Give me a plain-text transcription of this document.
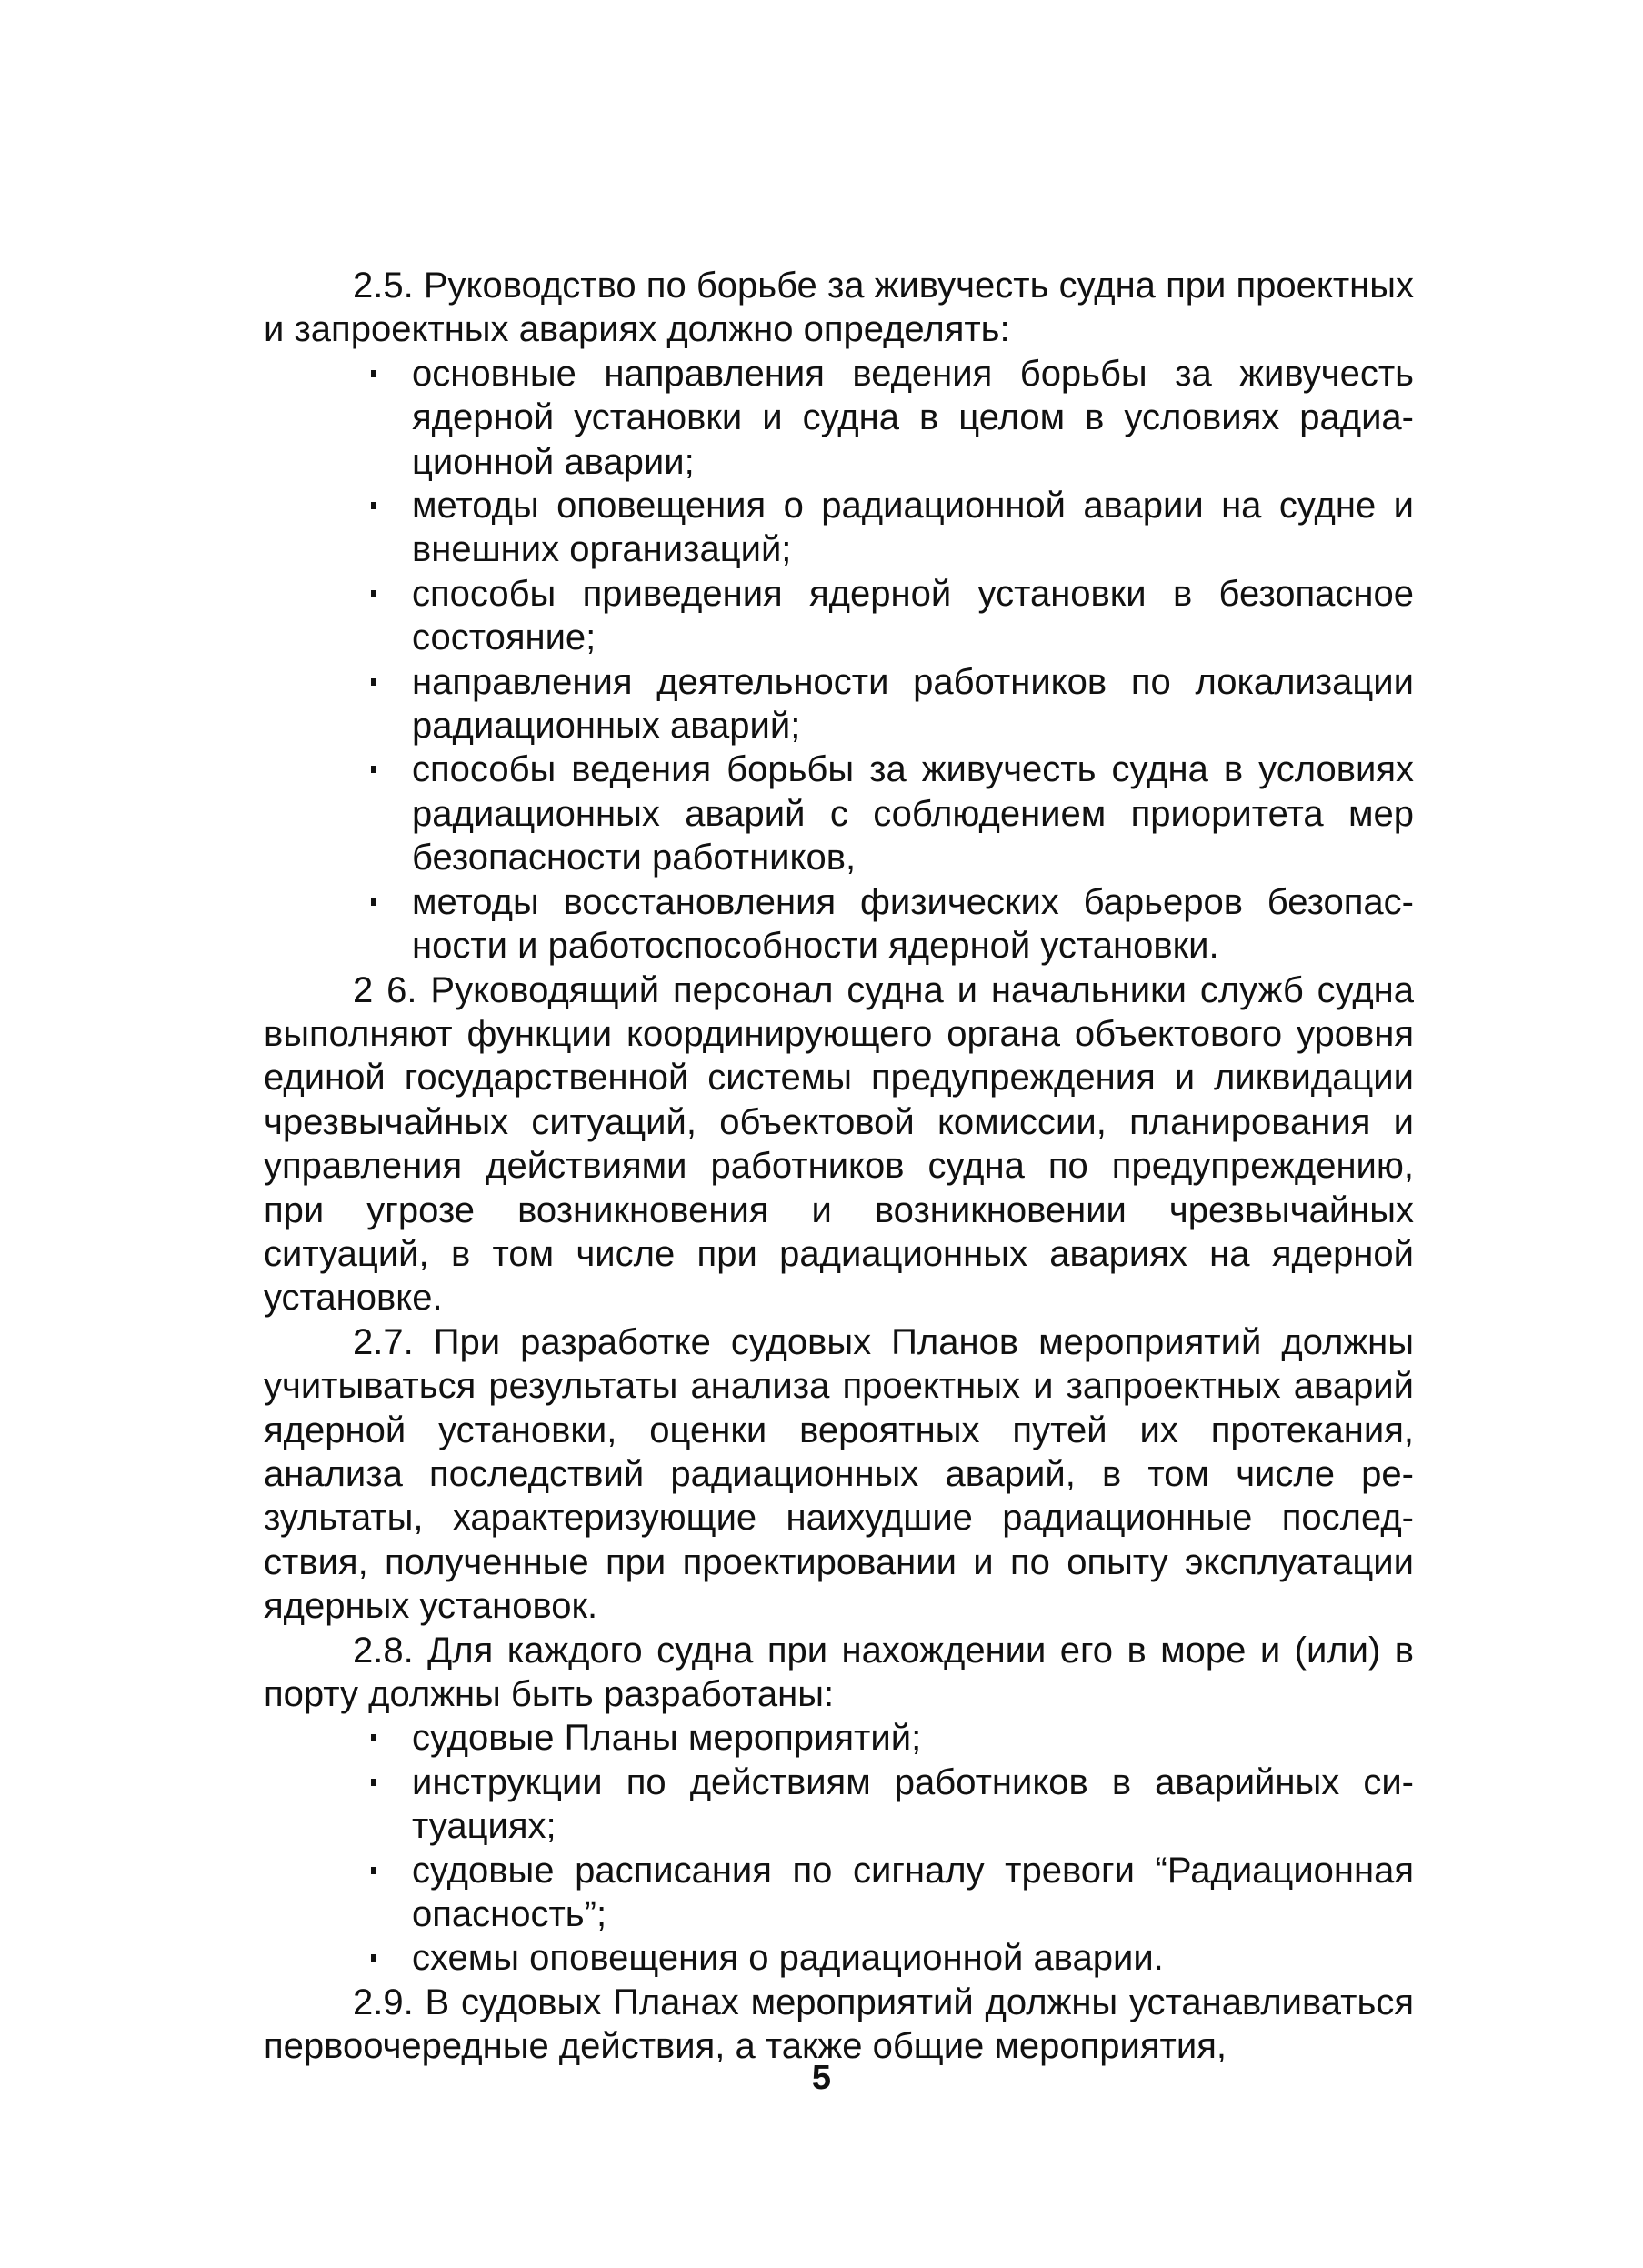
2.5. Руководство по борьбе за живучесть судна при проектных и запроектных авариях должно определять:

основные направления ведения борьбы за живучесть ядерной установки и судна в целом в условиях радиационной аварии;
методы оповещения о радиационной аварии на судне и внешних организаций;
способы приведения ядерной установки в безопасное состояние;
направления деятельности работников по локализации радиационных аварий;
способы ведения борьбы за живучесть судна в условиях радиационных аварий с соблюдением приоритета мер безопасности работников,
методы восстановления физических барьеров безопасности и работоспособности ядерной установки.

2 6. Руководящий персонал судна и начальники служб судна выполняют функции координирующего органа объектового уровня единой государственной системы предупреждения и ликвидации чрезвычайных ситуаций, объектовой комиссии, планирования и управления действиями работников судна по предупреждению, при угрозе возникновения и возникновении чрезвычайных ситуаций, в том числе при радиационных авариях на ядерной установке.

2.7. При разработке судовых Планов мероприятий должны учитываться результаты анализа проектных и запроектных аварий ядерной установки, оценки вероятных путей их протекания, анализа последствий радиационных аварий, в том числе результаты, характеризующие наихудшие радиационные последствия, полученные при проектировании и по опыту эксплуатации ядерных установок.

2.8. Для каждого судна при нахождении его в море и (или) в порту должны быть разработаны:

судовые Планы мероприятий;
инструкции по действиям работников в аварийных ситуациях;
судовые расписания по сигналу тревоги “Радиационная опасность”;
схемы оповещения о радиационной аварии.

2.9. В судовых Планах мероприятий должны устанавливаться первоочередные действия, а также общие мероприятия,

5
